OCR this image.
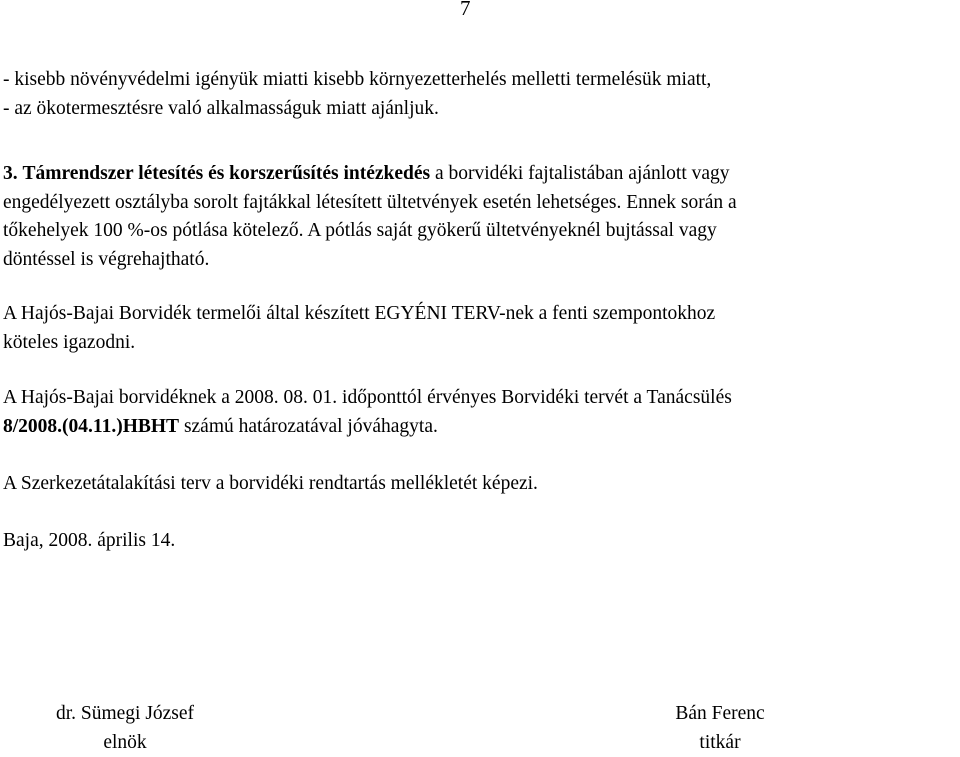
7
- kisebb növényvédelmi igényük miatti kisebb környezetterhelés melletti termelésük miatt,
- az ökotermesztésre való alkalmasságuk miatt ajánljuk.
3. Támrendszer létesítés és korszerűsítés intézkedés a borvidéki fajtalistában ajánlott vagy
engedélyezett osztályba sorolt fajtákkal létesített ültetvények esetén lehetséges. Ennek során a
tőkehelyek 100 %-os pótlása kötelező. A pótlás saját gyökerű ültetvényeknél bujtással vagy
döntéssel is végrehajtható.
A Hajós-Bajai Borvidék termelői által készített EGYÉNI TERV-nek a fenti szempontokhoz
köteles igazodni.
A Hajós-Bajai borvidéknek a 2008. 08. 01. időponttól érvényes Borvidéki tervét a Tanácsülés
8/2008.(04.11.)HBHT számú határozatával jóváhagyta.
A Szerkezetátalakítási terv a borvidéki rendtartás mellékletét képezi.
Baja, 2008. április 14.
dr. Sümegi József
elnök
Bán Ferenc
titkár
